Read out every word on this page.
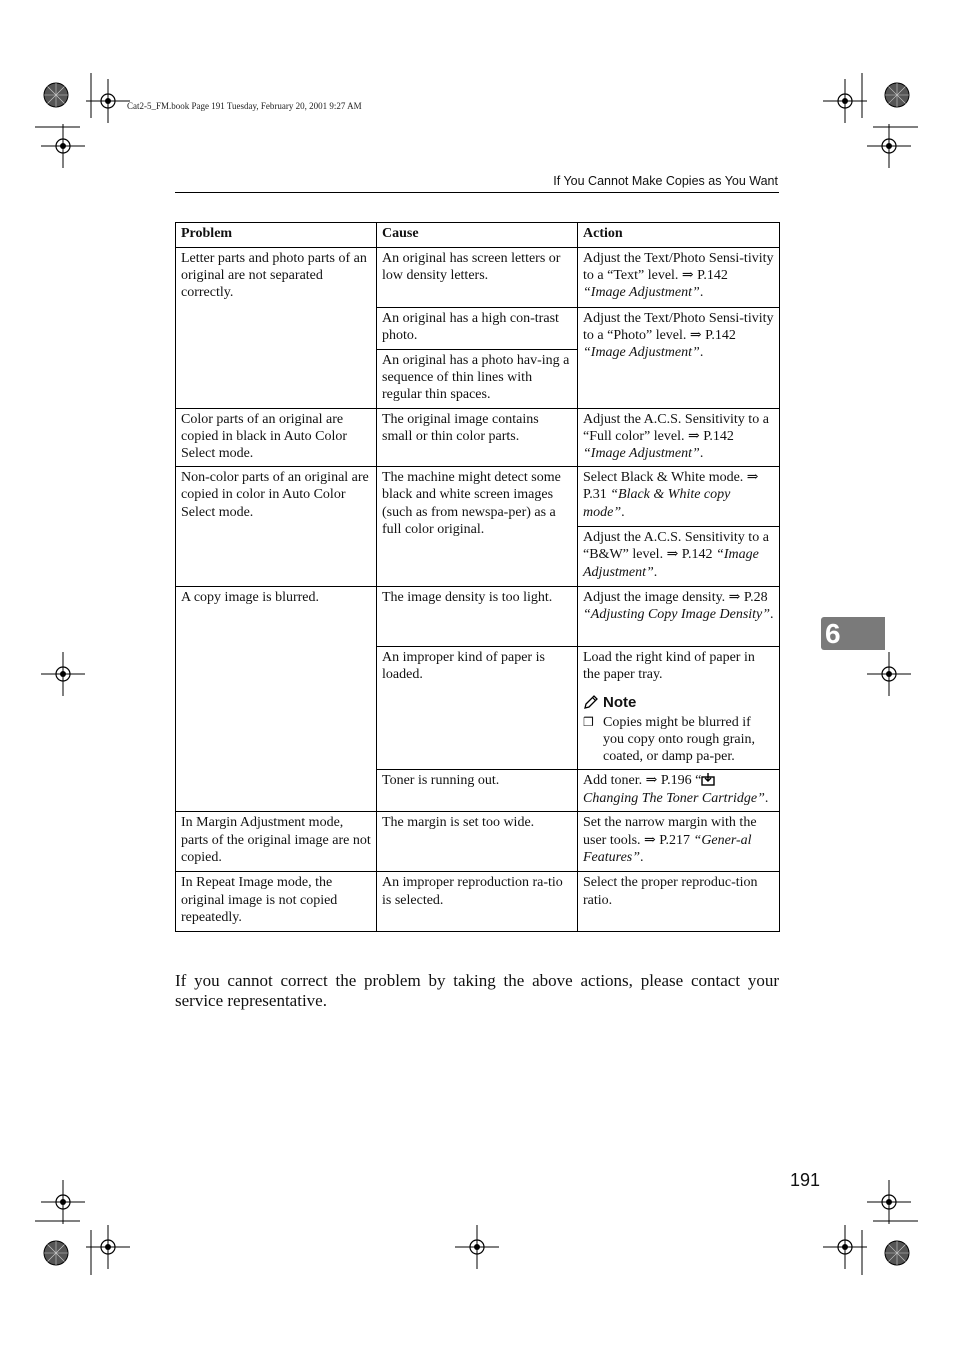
Cat2-5_FM.book Page 191 Tuesday, February 20, 2001 9:27 AM
If You Cannot Make Copies as You Want
Problem	Cause	Action
Letter parts and photo parts of an original are not separated correctly.	An original has screen letters or low density letters.	Adjust the Text/Photo Sensi-tivity to a “Text” level. ⇒ P.142 “Image Adjustment”.
	An original has a high con-trast photo.	Adjust the Text/Photo Sensi-tivity to a “Photo” level. ⇒ P.142 “Image Adjustment”.
	An original has a photo hav-ing a sequence of thin lines with regular thin spaces.	
Color parts of an original are copied in black in Auto Color Select mode.	The original image contains small or thin color parts.	Adjust the A.C.S. Sensitivity to a “Full color” level. ⇒ P.142 “Image Adjustment”.
Non-color parts of an original are copied in color in Auto Color Select mode.	The machine might detect some black and white screen images (such as from newspa-per) as a full color original.	Select Black & White mode. ⇒ P.31 “Black & White copy mode”.
		Adjust the A.C.S. Sensitivity to a “B&W” level. ⇒ P.142 “Image Adjustment”.
A copy image is blurred.	The image density is too light.	Adjust the image density. ⇒ P.28 “Adjusting Copy Image Density”.
	An improper kind of paper is loaded.	Load the right kind of paper in the paper tray.
Note
❒ Copies might be blurred if you copy onto rough grain, coated, or damp pa-per.

	Toner is running out.	Add toner. ⇒ P.196 “
Changing The Toner Cartridge”.
In Margin Adjustment mode, parts of the original image are not copied.	The margin is set too wide.	Set the narrow margin with the user tools. ⇒ P.217 “Gener-al Features”.
In Repeat Image mode, the original image is not copied repeatedly.	An improper reproduction ra-tio is selected.	Select the proper reproduc-tion ratio.
If you cannot correct the problem by taking the above actions, please contact your service representative.
6
191
